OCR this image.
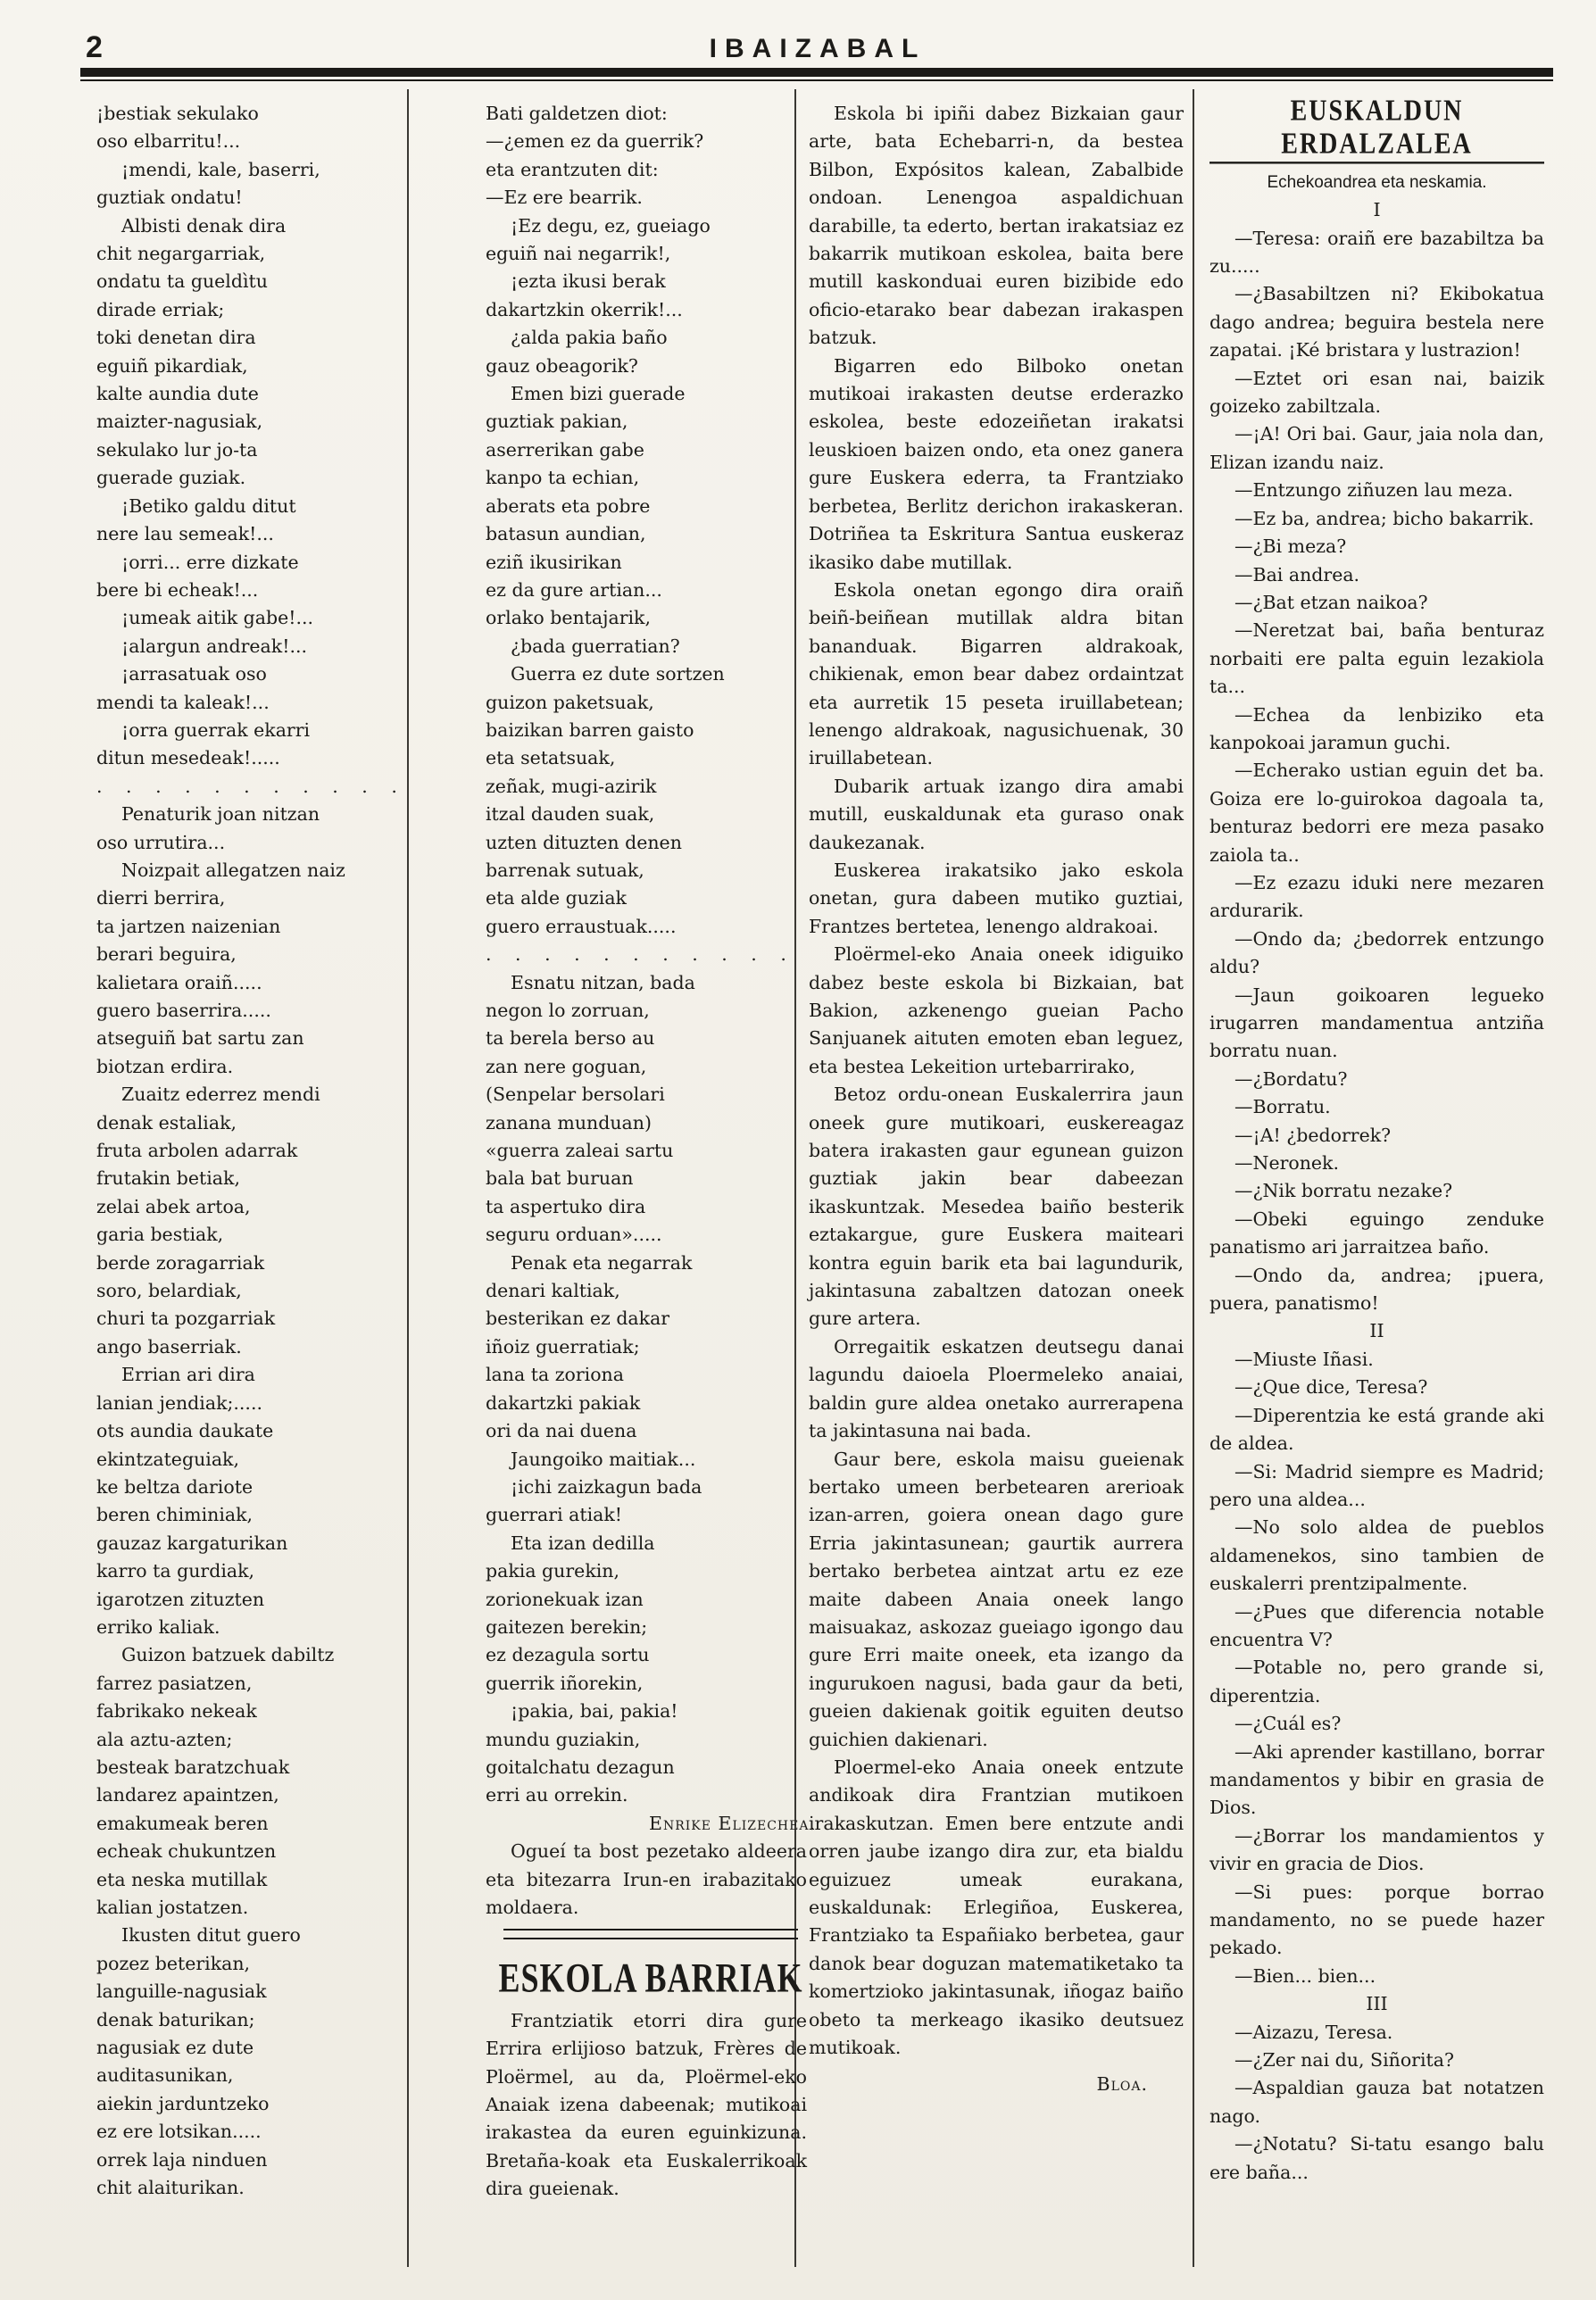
2	IBAIZABAL
¡bestiak sekulako
oso elbarritu!...
¡mendi, kale, baserri,
guztiak ondatu!
Albisti denak dira
chit negargarriak,
ondatu ta gueldìtu
dirade erriak;
toki denetan dira
eguiñ pikardiak,
kalte aundia dute
maizter-nagusiak,
sekulako lur jo-ta
guerade guziak.
¡Betiko galdu ditut
nere lau semeak!...
¡orri... erre dizkate
bere bi echeak!...
¡umeak aitik gabe!...
¡alargun andreak!...
¡arrasatuak oso
mendi ta kaleak!...
¡orra guerrak ekarri
ditun mesedeak!.....
. . . . . . . . . . .
Penaturik joan nitzan
oso urrutira...
Noizpait allegatzen naiz
dierri berrira,
ta jartzen naizenian
berari beguira,
kalietara oraiñ.....
guero baserrira.....
atseguiñ bat sartu zan
biotzan erdira.
Zuaitz ederrez mendi
denak estaliak,
fruta arbolen adarrak
frutakin betiak,
zelai abek artoa,
garia bestiak,
berde zoragarriak
soro, belardiak,
churi ta pozgarriak
ango baserriak.
Errian ari dira
lanian jendiak;.....
ots aundia daukate
ekintzateguiak,
ke beltza dariote
beren chiminiak,
gauzaz kargaturikan
karro ta gurdiak,
igarotzen zituzten
erriko kaliak.
Guizon batzuek dabiltz
farrez pasiatzen,
fabrikako nekeak
ala aztu-azten;
besteak baratzchuak
landarez apaintzen,
emakumeak beren
echeak chukuntzen
eta neska mutillak
kalian jostatzen.
Ikusten ditut guero
pozez beterikan,
languille-nagusiak
denak baturikan;
nagusiak ez dute
auditasunikan,
aiekin jarduntzeko
ez ere lotsikan.....
orrek laja ninduen
chit alaiturikan.
Bati galdetzen diot:
—¿emen ez da guerrik?
eta erantzuten dit:
—Ez ere bearrik.
¡Ez degu, ez, gueiago
eguiñ nai negarrik!,
¡ezta ikusi berak
dakartzkin okerrik!...
¿alda pakia baño
gauz obeagorik?
Emen bizi guerade
guztiak pakian,
aserrerikan gabe
kanpo ta echian,
aberats eta pobre
batasun aundian,
eziñ ikusirikan
ez da gure artian...
orlako bentajarik,
¿bada guerratian?
Guerra ez dute sortzen
guizon paketsuak,
baizikan barren gaisto
eta setatsuak,
zeñak, mugi-azirik
itzal dauden suak,
uzten dituzten denen
barrenak sutuak,
eta alde guziak
guero erraustuak.....
. . . . . . . . . . .
Esnatu nitzan, bada
negon lo zorruan,
ta berela berso au
zan nere goguan,
(Senpelar bersolari
zanana munduan)
«guerra zaleai sartu
bala bat buruan
ta aspertuko dira
seguru orduan».....
Penak eta negarrak
denari kaltiak,
besterikan ez dakar
iñoiz guerratiak;
lana ta zoriona
dakartzki pakiak
ori da nai duena
Jaungoiko maitiak...
¡ichi zaizkagun bada
guerrari atiak!
Eta izan dedilla
pakia gurekin,
zorionekuak izan
gaitezen berekin;
ez dezagula sortu
guerrik iñorekin,
¡pakia, bai, pakia!
mundu guziakin,
goitalchatu dezagun
erri au orrekin.
Enrike Elizechea.
Ogueí ta bost pezetako aldeera eta bitezarra Irun-en irabazitako moldaera.
ESKOLA BARRIAK
Frantziatik etorri dira gure Errira erlijioso batzuk, Frères de Ploërmel, au da, Ploërmel-eko Anaiak izena dabeenak; mutikoai irakastea da euren eguinkizuna. Bretaña-koak eta Euskalerrikoak dira gueienak.
Eskola bi ipiñi dabez Bizkaian gaur arte, bata Echebarri-n, da bestea Bilbon, Expósitos kalean, Zabalbide ondoan. Lenengoa aspaldichuan darabille, ta ederto, bertan irakatsiaz ez bakarrik mutikoan eskolea, baita bere mutill kaskonduai euren bizibide edo oficio-etarako bear dabezan irakaspen batzuk.
Bigarren edo Bilboko onetan mutikoai irakasten deutse erderazko eskolea, beste edozeiñetan irakatsi leuskioen baizen ondo, eta onez ganera gure Euskera ederra, ta Frantziako berbetea, Berlitz derichon irakaskeran. Dotriñea ta Eskritura Santua euskeraz ikasiko dabe mutillak.
Eskola onetan egongo dira oraiñ beiñ-beiñean mutillak aldra bitan bananduak. Bigarren aldrakoak, chikienak, emon bear dabez ordaintzat eta aurretik 15 peseta iruillabetean; lenengo aldrakoak, nagusichuenak, 30 iruillabetean.
Dubarik artuak izango dira amabi mutill, euskaldunak eta guraso onak daukezanak.
Euskerea irakatsiko jako eskola onetan, gura dabeen mutiko guztiai, Frantzes bertetea, lenengo aldrakoai.
Ploërmel-eko Anaia oneek idiguiko dabez beste eskola bi Bizkaian, bat Bakion, azkenengo gueian Pacho Sanjuanek aituten emoten eban leguez, eta bestea Lekeition urtebarrirako,
Betoz ordu-onean Euskalerrira jaun oneek gure mutikoari, euskereagaz batera irakasten gaur egunean guizon guztiak jakin bear dabeezan ikaskuntzak. Mesedea baiño besterik eztakargue, gure Euskera maiteari kontra eguin barik eta bai lagundurik, jakintasuna zabaltzen datozan oneek gure artera.
Orregaitik eskatzen deutsegu danai lagundu daioela Ploermeleko anaiai, baldin gure aldea onetako aurrerapena ta jakintasuna nai bada.
Gaur bere, eskola maisu gueienak bertako umeen berbetearen arerioak izan-arren, goiera onean dago gure Erria jakintasunean; gaurtik aurrera bertako berbetea aintzat artu ez eze maite dabeen Anaia oneek lango maisuakaz, askozaz gueiago igongo dau gure Erri maite oneek, eta izango da ingurukoen nagusi, bada gaur da beti, gueien dakienak goitik eguiten deutso guichien dakienari.
Ploermel-eko Anaia oneek entzute andikoak dira Frantzian mutikoen irakaskutzan. Emen bere entzute andi orren jaube izango dira zur, eta bialdu eguizuez umeak eurakana, euskaldunak: Erlegiñoa, Euskerea, Frantziako ta Españiako berbetea, gaur danok bear doguzan matematiketako ta komertzioko jakintasunak, iñogaz baiño obeto ta merkeago ikasiko deutsuez mutikoak.
Bloa.
EUSKALDUN ERDALZALEA
Echekoandrea eta neskamia.
I
—Teresa: oraiñ ere bazabiltza ba zu.....
—¿Basabiltzen ni? Ekibokatua dago andrea; beguira bestela nere zapatai. ¡Ké bristara y lustrazion!
—Eztet ori esan nai, baizik goizeko zabiltzala.
—¡A! Ori bai. Gaur, jaia nola dan, Elizan izandu naiz.
—Entzungo ziñuzen lau meza.
—Ez ba, andrea; bicho bakarrik.
—¿Bi meza?
—Bai andrea.
—¿Bat etzan naikoa?
—Neretzat bai, baña benturaz norbaiti ere palta eguin lezakiola ta...
—Echea da lenbiziko eta kanpokoai jaramun guchi.
—Echerako ustian eguin det ba. Goiza ere lo-guirokoa dagoala ta, benturaz bedorri ere meza pasako zaiola ta..
—Ez ezazu iduki nere mezaren ardurarik.
—Ondo da; ¿bedorrek entzungo aldu?
—Jaun goikoaren legueko irugarren mandamentua antziña borratu nuan.
—¿Bordatu?
—Borratu.
—¡A! ¿bedorrek?
—Neronek.
—¿Nik borratu nezake?
—Obeki eguingo zenduke panatismo ari jarraitzea baño.
—Ondo da, andrea; ¡puera, puera, panatismo!
II
—Miuste Iñasi.
—¿Que dice, Teresa?
—Diperentzia ke está grande aki de aldea.
—Si: Madrid siempre es Madrid; pero una aldea...
—No solo aldea de pueblos aldamenekos, sino tambien de euskalerri prentzipalmente.
—¿Pues que diferencia notable encuentra V?
—Potable no, pero grande si, diperentzia.
—¿Cuál es?
—Aki aprender kastillano, borrar mandamentos y bibir en grasia de Dios.
—¿Borrar los mandamientos y vivir en gracia de Dios.
—Si pues: porque borrao mandamento, no se puede hazer pekado.
—Bien... bien...
III
—Aizazu, Teresa.
—¿Zer nai du, Siñorita?
—Aspaldian gauza bat notatzen nago.
—¿Notatu? Si-tatu esango balu ere baña...
